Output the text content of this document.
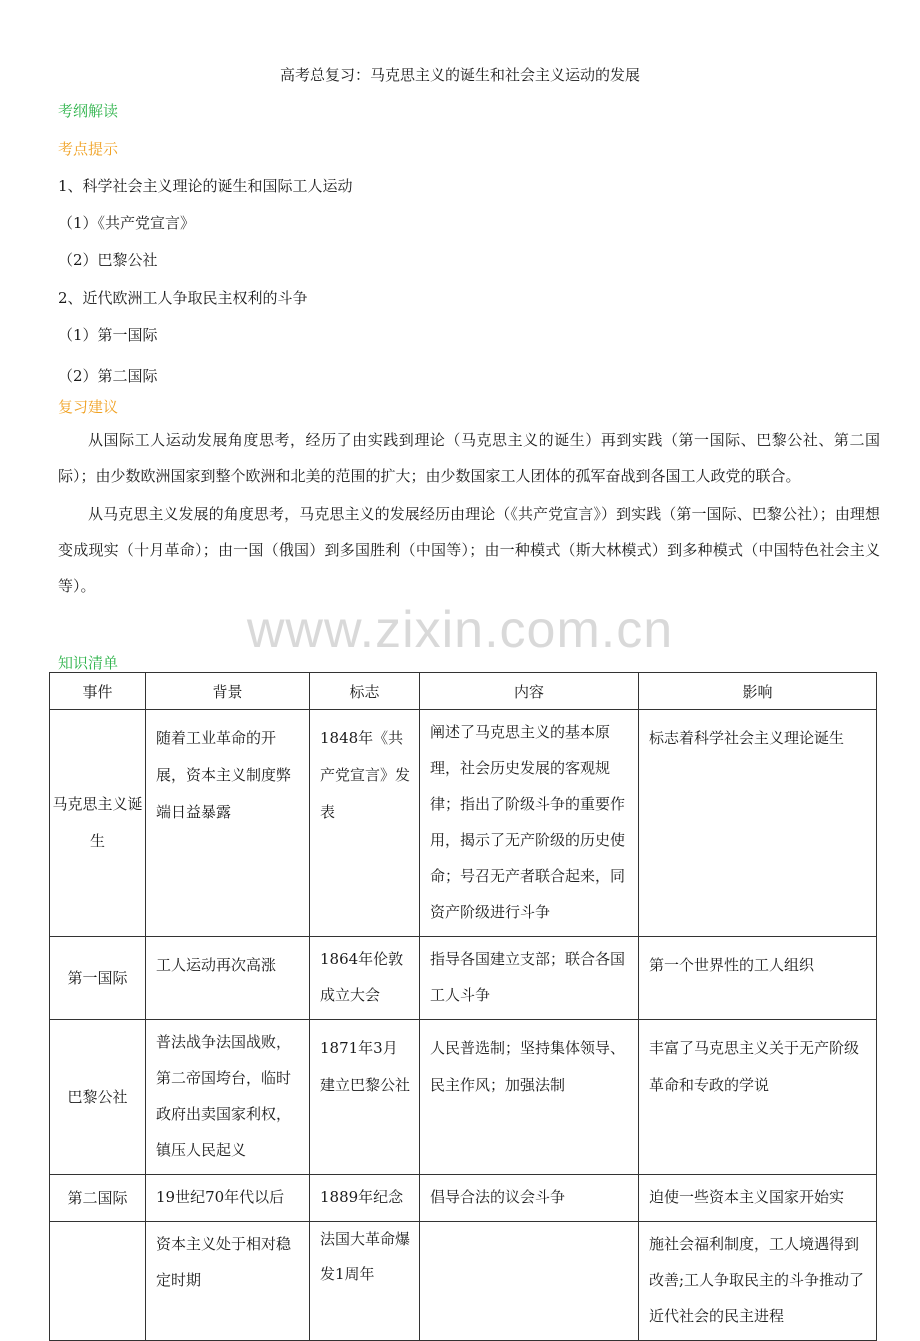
www.zixin.com.cn
高考总复习：马克思主义的诞生和社会主义运动的发展
考纲解读
考点提示
1、科学社会主义理论的诞生和国际工人运动
（1）《共产党宣言》
（2）巴黎公社
2、近代欧洲工人争取民主权利的斗争
（1）第一国际
（2）第二国际
复习建议
从国际工人运动发展角度思考，经历了由实践到理论（马克思主义的诞生）再到实践（第一国际、巴黎公社、第二国际）；由少数欧洲国家到整个欧洲和北美的范围的扩大；由少数国家工人团体的孤军奋战到各国工人政党的联合。
从马克思主义发展的角度思考，马克思主义的发展经历由理论（《共产党宣言》）到实践（第一国际、巴黎公社）；由理想变成现实（十月革命）；由一国（俄国）到多国胜利（中国等）；由一种模式（斯大林模式）到多种模式（中国特色社会主义等）。
知识清单
事件	背景	标志	内容	影响
马克思主义诞生	随着工业革命的开展，资本主义制度弊端日益暴露	1848年《共产党宣言》发表	阐述了马克思主义的基本原理，社会历史发展的客观规律；指出了阶级斗争的重要作用，揭示了无产阶级的历史使命；号召无产者联合起来，同资产阶级进行斗争	标志着科学社会主义理论诞生

第一国际	工人运动再次高涨	1864年伦敦成立大会	指导各国建立支部；联合各国工人斗争	第一个世界性的工人组织

巴黎公社	普法战争法国战败，第二帝国垮台，临时政府出卖国家利权，镇压人民起义	1871年3月建立巴黎公社	人民普选制；坚持集体领导、民主作风；加强法制	丰富了马克思主义关于无产阶级革命和专政的学说

第二国际	19世纪70年代以后	1889年纪念	倡导合法的议会斗争	迫使一些资本主义国家开始实

	资本主义处于相对稳定时期	法国大革命爆发1周年		施社会福利制度，工人境遇得到改善;工人争取民主的斗争推动了近代社会的民主进程
